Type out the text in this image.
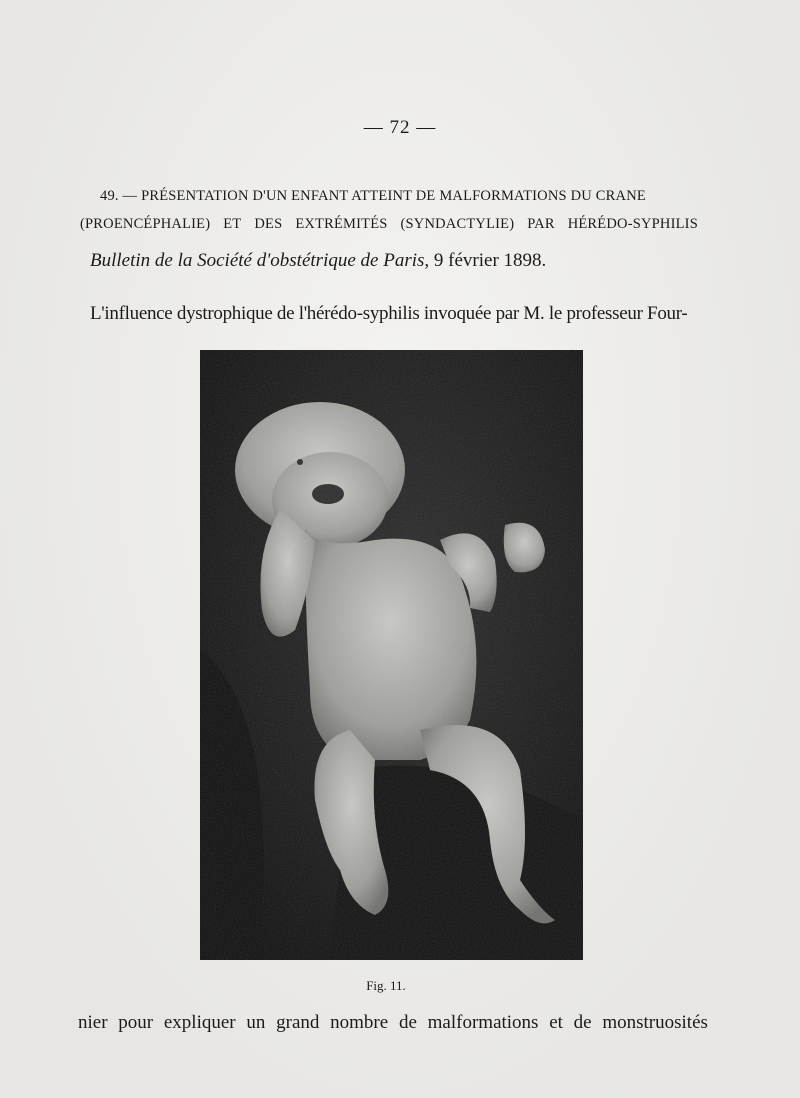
— 72 —
49. — PRÉSENTATION D'UN ENFANT ATTEINT DE MALFORMATIONS DU CRANE
(PROENCÉPHALIE) ET DES EXTRÉMITÉS (SYNDACTYLIE) PAR HÉRÉDO-SYPHILIS
Bulletin de la Société d'obstétrique de Paris, 9 février 1898.
L'influence dystrophique de l'hérédo-syphilis invoquée par M. le professeur Four-
Fig. 11.
nier pour expliquer un grand nombre de malformations et de monstruosités
